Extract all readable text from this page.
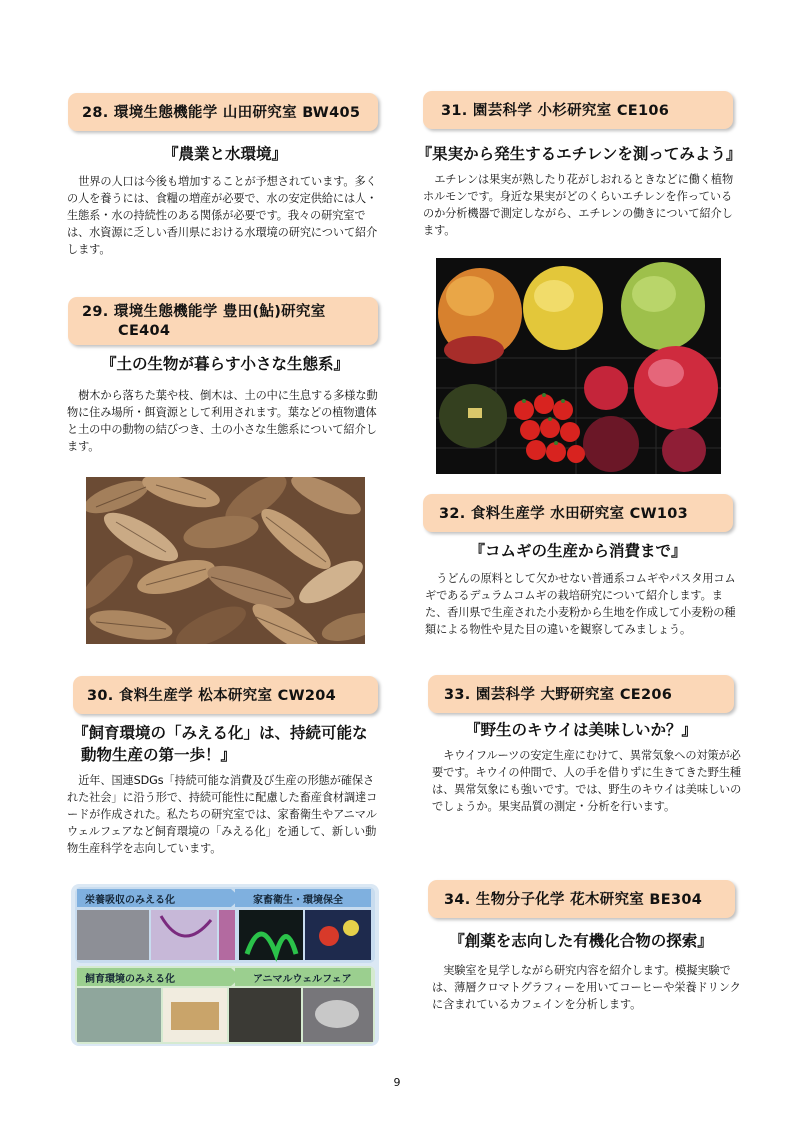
28. 環境生態機能学 山田研究室 BW405
『農業と水環境』

世界の人口は今後も増加することが予想されています。多くの人を養うには、食糧の増産が必要で、水の安定供給には人・生態系・水の持続性のある関係が必要です。我々の研究室では、水資源に乏しい香川県における水環境の研究について紹介します。

29. 環境生態機能学 豊田(鮎)研究室
CE404
『土の生物が暮らす小さな生態系』

樹木から落ちた葉や枝、倒木は、土の中に生息する多様な動物に住み場所・餌資源として利用されます。葉などの植物遺体と土の中の動物の結びつき、土の小さな生態系について紹介します。

30. 食料生産学 松本研究室 CW204
『飼育環境の「みえる化」は、持続可能な
動物生産の第一歩！』

近年、国連SDGs「持続可能な消費及び生産の形態が確保された社会」に沿う形で、持続可能性に配慮した畜産食材調達コードが作成された。私たちの研究室では、家畜衛生やアニマルウェルフェアなど飼育環境の「みえる化」を通して、新しい動物生産科学を志向しています。

栄養吸収のみえる化	家畜衛生・環境保全
飼育環境のみえる化	アニマルウェルフェア
31. 園芸科学 小杉研究室 CE106
『果実から発生するエチレンを測ってみよう』

エチレンは果実が熟したり花がしおれるときなどに働く植物ホルモンです。身近な果実がどのくらいエチレンを作っているのか分析機器で測定しながら、エチレンの働きについて紹介します。

32. 食料生産学 水田研究室 CW103
『コムギの生産から消費まで』

うどんの原料として欠かせない普通系コムギやパスタ用コムギであるデュラムコムギの栽培研究について紹介します。また、香川県で生産された小麦粉から生地を作成して小麦粉の種類による物性や見た目の違いを観察してみましょう。

33. 園芸科学 大野研究室 CE206
『野生のキウイは美味しいか？』

キウイフルーツの安定生産にむけて、異常気象への対策が必要です。キウイの仲間で、人の手を借りずに生きてきた野生種は、異常気象にも強いです。では、野生のキウイは美味しいのでしょうか。果実品質の測定・分析を行います。

34. 生物分子化学 花木研究室 BE304
『創薬を志向した有機化合物の探索』

実験室を見学しながら研究内容を紹介します。模擬実験では、薄層クロマトグラフィーを用いてコーヒーや栄養ドリンクに含まれているカフェインを分析します。

9
